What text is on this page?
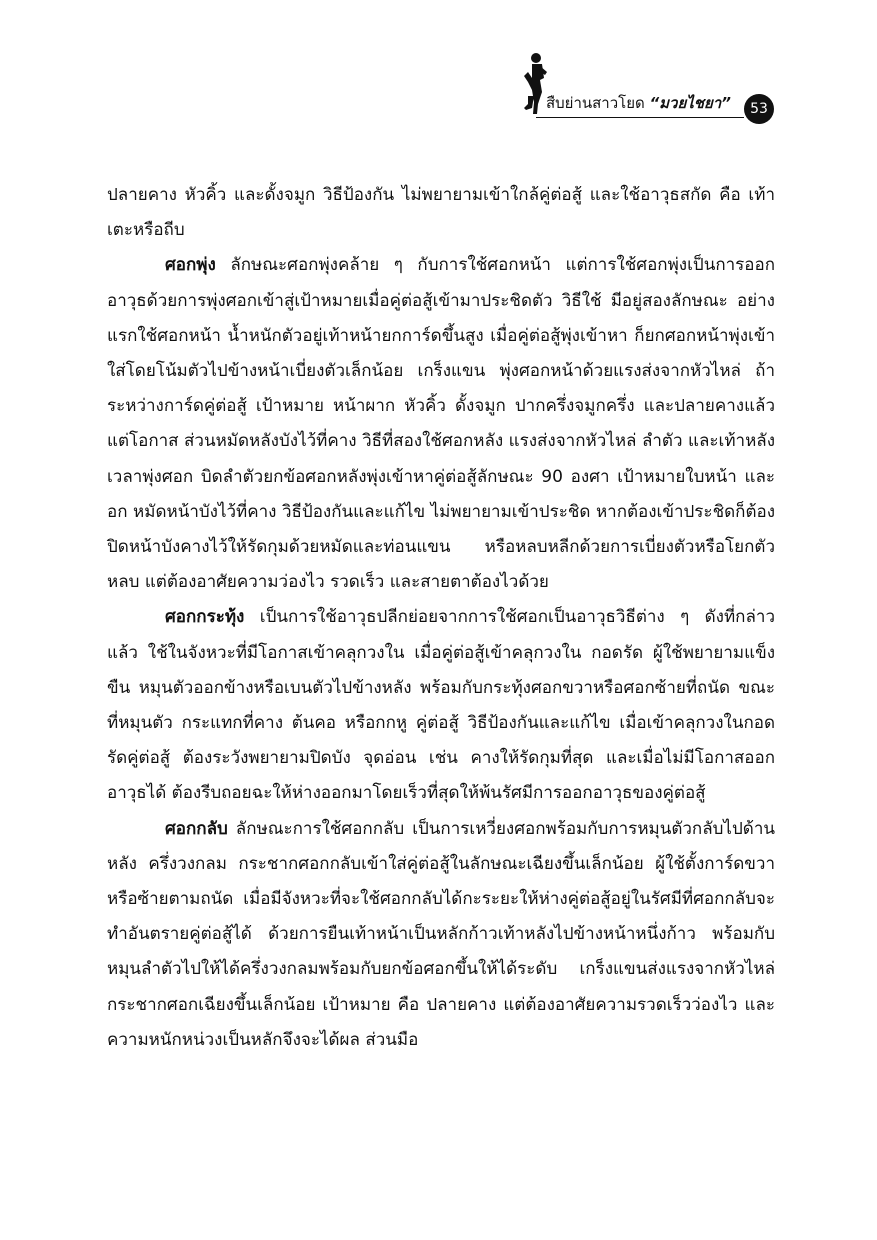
สืบย่านสาวโยด “มวยไชยา”	53

ปลายคาง หัวคิ้ว และดั้งจมูก วิธีป้องกัน ไม่พยายามเข้าใกล้คู่ต่อสู้ และใช้อาวุธสกัด คือ เท้า เตะหรือถีบ

ศอกพุ่ง ลักษณะศอกพุ่งคล้าย ๆ กับการใช้ศอกหน้า แต่การใช้ศอกพุ่งเป็นการออกอาวุธด้วยการพุ่งศอกเข้าสู่เป้าหมายเมื่อคู่ต่อสู้เข้ามาประชิดตัว วิธีใช้ มีอยู่สองลักษณะ อย่างแรกใช้ศอกหน้า น้ำหนักตัวอยู่เท้าหน้ายกการ์ดขึ้นสูง เมื่อคู่ต่อสู้พุ่งเข้าหา ก็ยกศอกหน้าพุ่งเข้าใส่โดยโน้มตัวไปข้างหน้าเบี่ยงตัวเล็กน้อย เกร็งแขน พุ่งศอกหน้าด้วยแรงส่งจากหัวไหล่ ถ้าระหว่างการ์ดคู่ต่อสู้ เป้าหมาย หน้าผาก หัวคิ้ว ดั้งจมูก ปากครึ่งจมูกครึ่ง และปลายคางแล้วแต่โอกาส ส่วนหมัดหลังบังไว้ที่คาง วิธีที่สองใช้ศอกหลัง แรงส่งจากหัวไหล่ ลำตัว และเท้าหลัง เวลาพุ่งศอก บิดลำตัวยกข้อศอกหลังพุ่งเข้าหาคู่ต่อสู้ลักษณะ 90 องศา เป้าหมายใบหน้า และอก หมัดหน้าบังไว้ที่คาง วิธีป้องกันและแก้ไข ไม่พยายามเข้าประชิด หากต้องเข้าประชิดก็ต้องปิดหน้าบังคางไว้ให้รัดกุมด้วยหมัดและท่อนแขน หรือหลบหลีกด้วยการเบี่ยงตัวหรือโยกตัวหลบ แต่ต้องอาศัยความว่องไว รวดเร็ว และสายตาต้องไวด้วย

ศอกกระทุ้ง เป็นการใช้อาวุธปลีกย่อยจากการใช้ศอกเป็นอาวุธวิธีต่าง ๆ ดังที่กล่าวแล้ว ใช้ในจังหวะที่มีโอกาสเข้าคลุกวงใน เมื่อคู่ต่อสู้เข้าคลุกวงใน กอดรัด ผู้ใช้พยายามแข็งขืน หมุนตัวออกข้างหรือเบนตัวไปข้างหลัง พร้อมกับกระทุ้งศอกขวาหรือศอกซ้ายที่ถนัด ขณะที่หมุนตัว กระแทกที่คาง ต้นคอ หรือกกหู คู่ต่อสู้ วิธีป้องกันและแก้ไข เมื่อเข้าคลุกวงในกอดรัดคู่ต่อสู้ ต้องระวังพยายามปิดบัง จุดอ่อน เช่น คางให้รัดกุมที่สุด และเมื่อไม่มีโอกาสออกอาวุธได้ ต้องรีบถอยฉะให้ห่างออกมาโดยเร็วที่สุดให้พ้นรัศมีการออกอาวุธของคู่ต่อสู้

ศอกกลับ ลักษณะการใช้ศอกกลับ เป็นการเหวี่ยงศอกพร้อมกับการหมุนตัวกลับไปด้านหลัง ครึ่งวงกลม กระชากศอกกลับเข้าใส่คู่ต่อสู้ในลักษณะเฉียงขึ้นเล็กน้อย ผู้ใช้ตั้งการ์ดขวาหรือซ้ายตามถนัด เมื่อมีจังหวะที่จะใช้ศอกกลับได้กะระยะให้ห่างคู่ต่อสู้อยู่ในรัศมีที่ศอกกลับจะทำอันตรายคู่ต่อสู้ได้ ด้วยการยืนเท้าหน้าเป็นหลักก้าวเท้าหลังไปข้างหน้าหนึ่งก้าว พร้อมกับหมุนลำตัวไปให้ได้ครึ่งวงกลมพร้อมกับยกข้อศอกขึ้นให้ได้ระดับ เกร็งแขนส่งแรงจากหัวไหล่กระชากศอกเฉียงขึ้นเล็กน้อย เป้าหมาย คือ ปลายคาง แต่ต้องอาศัยความรวดเร็วว่องไว และความหนักหน่วงเป็นหลักจึงจะได้ผล ส่วนมือ
